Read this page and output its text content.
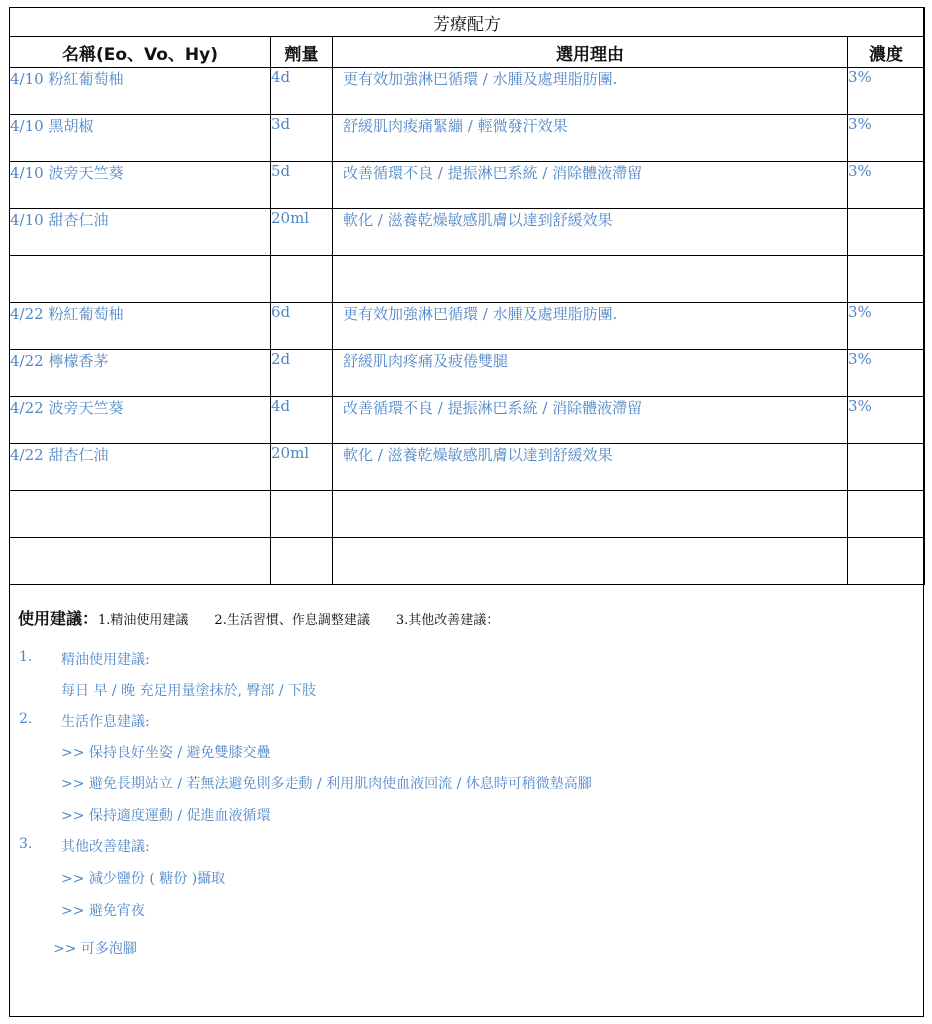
芳療配方			
名稱(Eo、Vo、Hy)	劑量	選用理由	濃度
4/10 粉紅葡萄柚	4d	更有效加強淋巴循環 / 水腫及處理脂肪團.	3%
4/10 黑胡椒	3d	舒緩肌肉痠痛緊繃 / 輕微發汗效果	3%
4/10 波旁天竺葵	5d	改善循環不良 / 提振淋巴系統 / 消除體液滯留	3%
4/10 甜杏仁油	20ml	軟化 / 滋養乾燥敏感肌膚以達到舒緩效果	

4/22 粉紅葡萄柚	6d	更有效加強淋巴循環 / 水腫及處理脂肪團.	3%
4/22 檸檬香茅	2d	舒緩肌肉疼痛及疲倦雙腿	3%
4/22 波旁天竺葵	4d	改善循環不良 / 提振淋巴系統 / 消除體液滯留	3%
4/22 甜杏仁油	20ml	軟化 / 滋養乾燥敏感肌膚以達到舒緩效果	

使用建議：1.精油使用建議 2.生活習慣、作息調整建議 3.其他改善建議：
1. 精油使用建議:
每日 早 / 晚 充足用量塗抹於, 臀部 / 下肢
2. 生活作息建議:
>> 保持良好坐姿 / 避免雙膝交疊
>> 避免長期站立 / 若無法避免則多走動 / 利用肌肉使血液回流 / 休息時可稍微墊高腳
>> 保持適度運動 / 促進血液循環
3. 其他改善建議:
>> 減少鹽份 ( 糖份 )攝取
>> 避免宵夜
>> 可多泡腳
